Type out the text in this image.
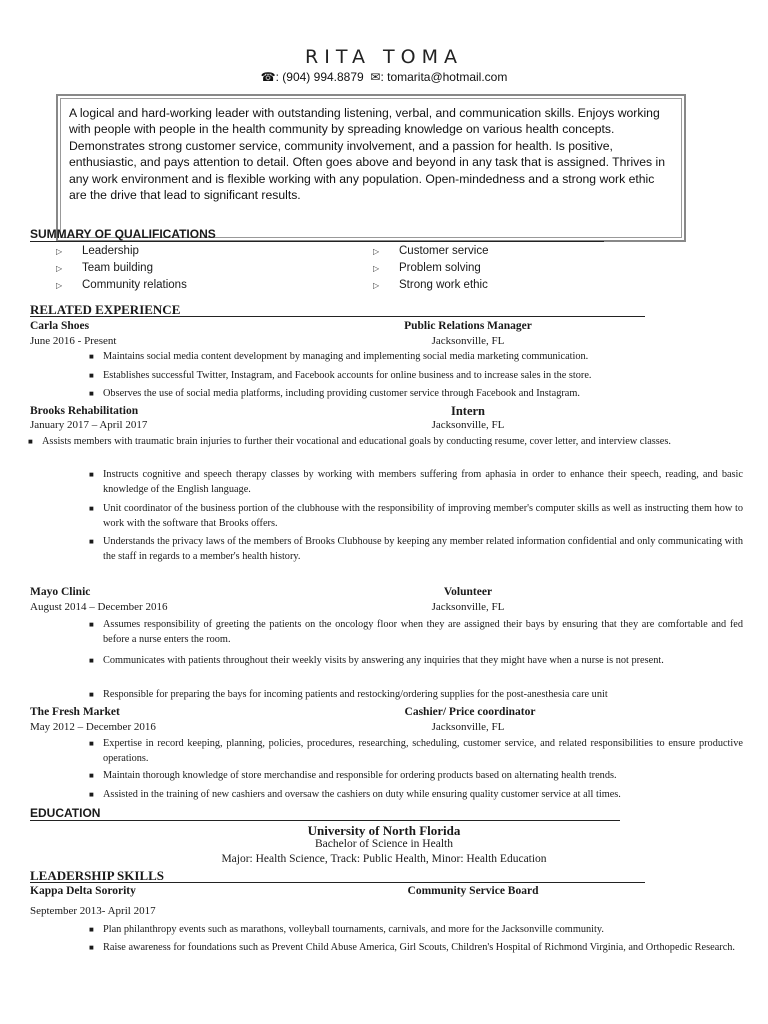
RITA TOMA
☎: (904) 994.8879 ✉: tomarita@hotmail.com
A logical and hard-working leader with outstanding listening, verbal, and communication skills. Enjoys working with people with people in the health community by spreading knowledge on various health concepts. Demonstrates strong customer service, community involvement, and a passion for health. Is positive, enthusiastic, and pays attention to detail. Often goes above and beyond in any task that is assigned. Thrives in any work environment and is flexible working with any population. Open-mindedness and a strong work ethic are the drive that lead to significant results.
SUMMARY OF QUALIFICATIONS
▷ Leadership
▷ Team building
▷ Community relations
▷ Customer service
▷ Problem solving
▷ Strong work ethic
RELATED EXPERIENCE
Carla Shoes	Public Relations Manager
June 2016 - Present	Jacksonville, FL
■ Maintains social media content development by managing and implementing social media marketing communication.
■ Establishes successful Twitter, Instagram, and Facebook accounts for online business and to increase sales in the store.
■ Observes the use of social media platforms, including providing customer service through Facebook and Instagram.
Brooks Rehabilitation	Intern
January 2017 – April 2017	Jacksonville, FL
■ Assists members with traumatic brain injuries to further their vocational and educational goals by conducting resume, cover letter, and interview classes.
■ Instructs cognitive and speech therapy classes by working with members suffering from aphasia in order to enhance their speech, reading, and basic knowledge of the English language.
■ Unit coordinator of the business portion of the clubhouse with the responsibility of improving member's computer skills as well as instructing them how to work with the software that Brooks offers.
■ Understands the privacy laws of the members of Brooks Clubhouse by keeping any member related information confidential and only communicating with the staff in regards to a member's health history.
Mayo Clinic	Volunteer
August 2014 – December 2016	Jacksonville, FL
■ Assumes responsibility of greeting the patients on the oncology floor when they are assigned their bays by ensuring that they are comfortable and fed before a nurse enters the room.
■ Communicates with patients throughout their weekly visits by answering any inquiries that they might have when a nurse is not present.
■ Responsible for preparing the bays for incoming patients and restocking/ordering supplies for the post-anesthesia care unit
The Fresh Market	Cashier/ Price coordinator
May 2012 – December 2016	Jacksonville, FL
■ Expertise in record keeping, planning, policies, procedures, researching, scheduling, customer service, and related responsibilities to ensure productive operations.
■ Maintain thorough knowledge of store merchandise and responsible for ordering products based on alternating health trends.
■ Assisted in the training of new cashiers and oversaw the cashiers on duty while ensuring quality customer service at all times.
EDUCATION
University of North Florida
Bachelor of Science in Health
Major: Health Science, Track: Public Health, Minor: Health Education
LEADERSHIP SKILLS
Kappa Delta Sorority	Community Service Board
September 2013- April 2017
■ Plan philanthropy events such as marathons, volleyball tournaments, carnivals, and more for the Jacksonville community.
■ Raise awareness for foundations such as Prevent Child Abuse America, Girl Scouts, Children's Hospital of Richmond Virginia, and Orthopedic Research.
